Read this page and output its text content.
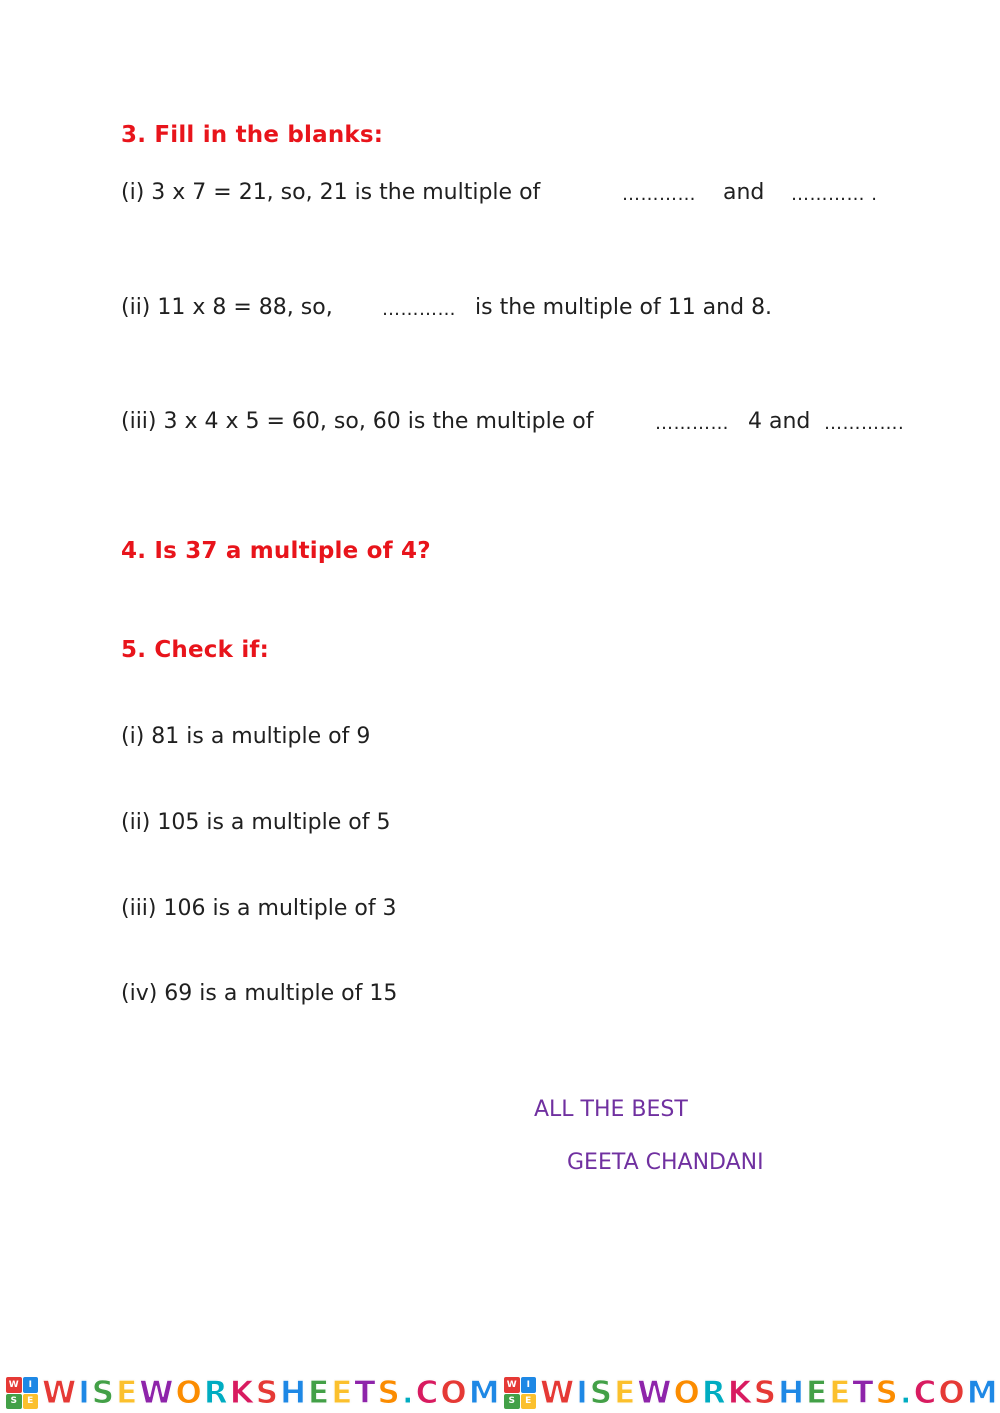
3. Fill in the blanks:
(i) 3 x 7 = 21, so, 21 is the multiple of	………… and ………… .
(ii) 11 x 8 = 88, so,	………… is the multiple of 11 and 8.
(iii) 3 x 4 x 5 = 60, so, 60 is the multiple of	………… 4 and ………….
4. Is 37 a multiple of 4?
5. Check if:
(i) 81 is a multiple of 9
(ii) 105 is a multiple of 5
(iii) 106 is a multiple of 3
(iv) 69 is a multiple of 15
ALL THE BEST
GEETA CHANDANI
W	I
S	E WISEWORKSHEETS.COM W	I
S	E WISEWORKSHEETS.COM
